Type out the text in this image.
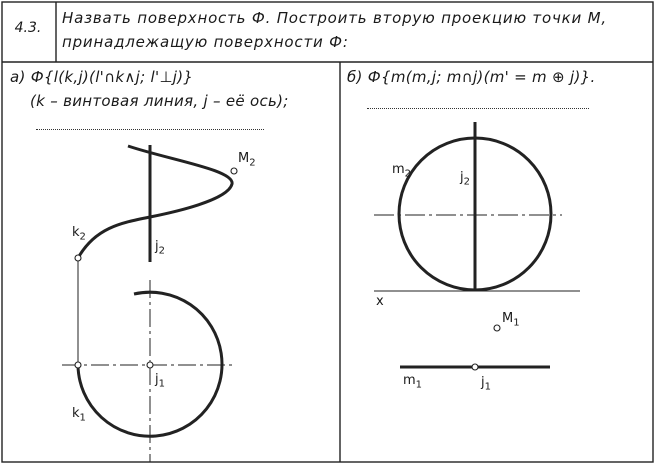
4.3.
Назвать поверхность Ф. Построить вторую проекцию точки М,
принадлежащую поверхности Ф:
а) Ф{l(k,j)(l'∩k∧j; l'⊥j)}
(k – винтовая линия, j – её ось);
$M_2$
$k_2$
$j_2$
$j_1$
$k_1$
б) Ф{m(m,j; m∩j)(m' = m ⊕ j)}.
$m_2$	$j_2$
x
$M_1$
$m_1$	$j_1$
